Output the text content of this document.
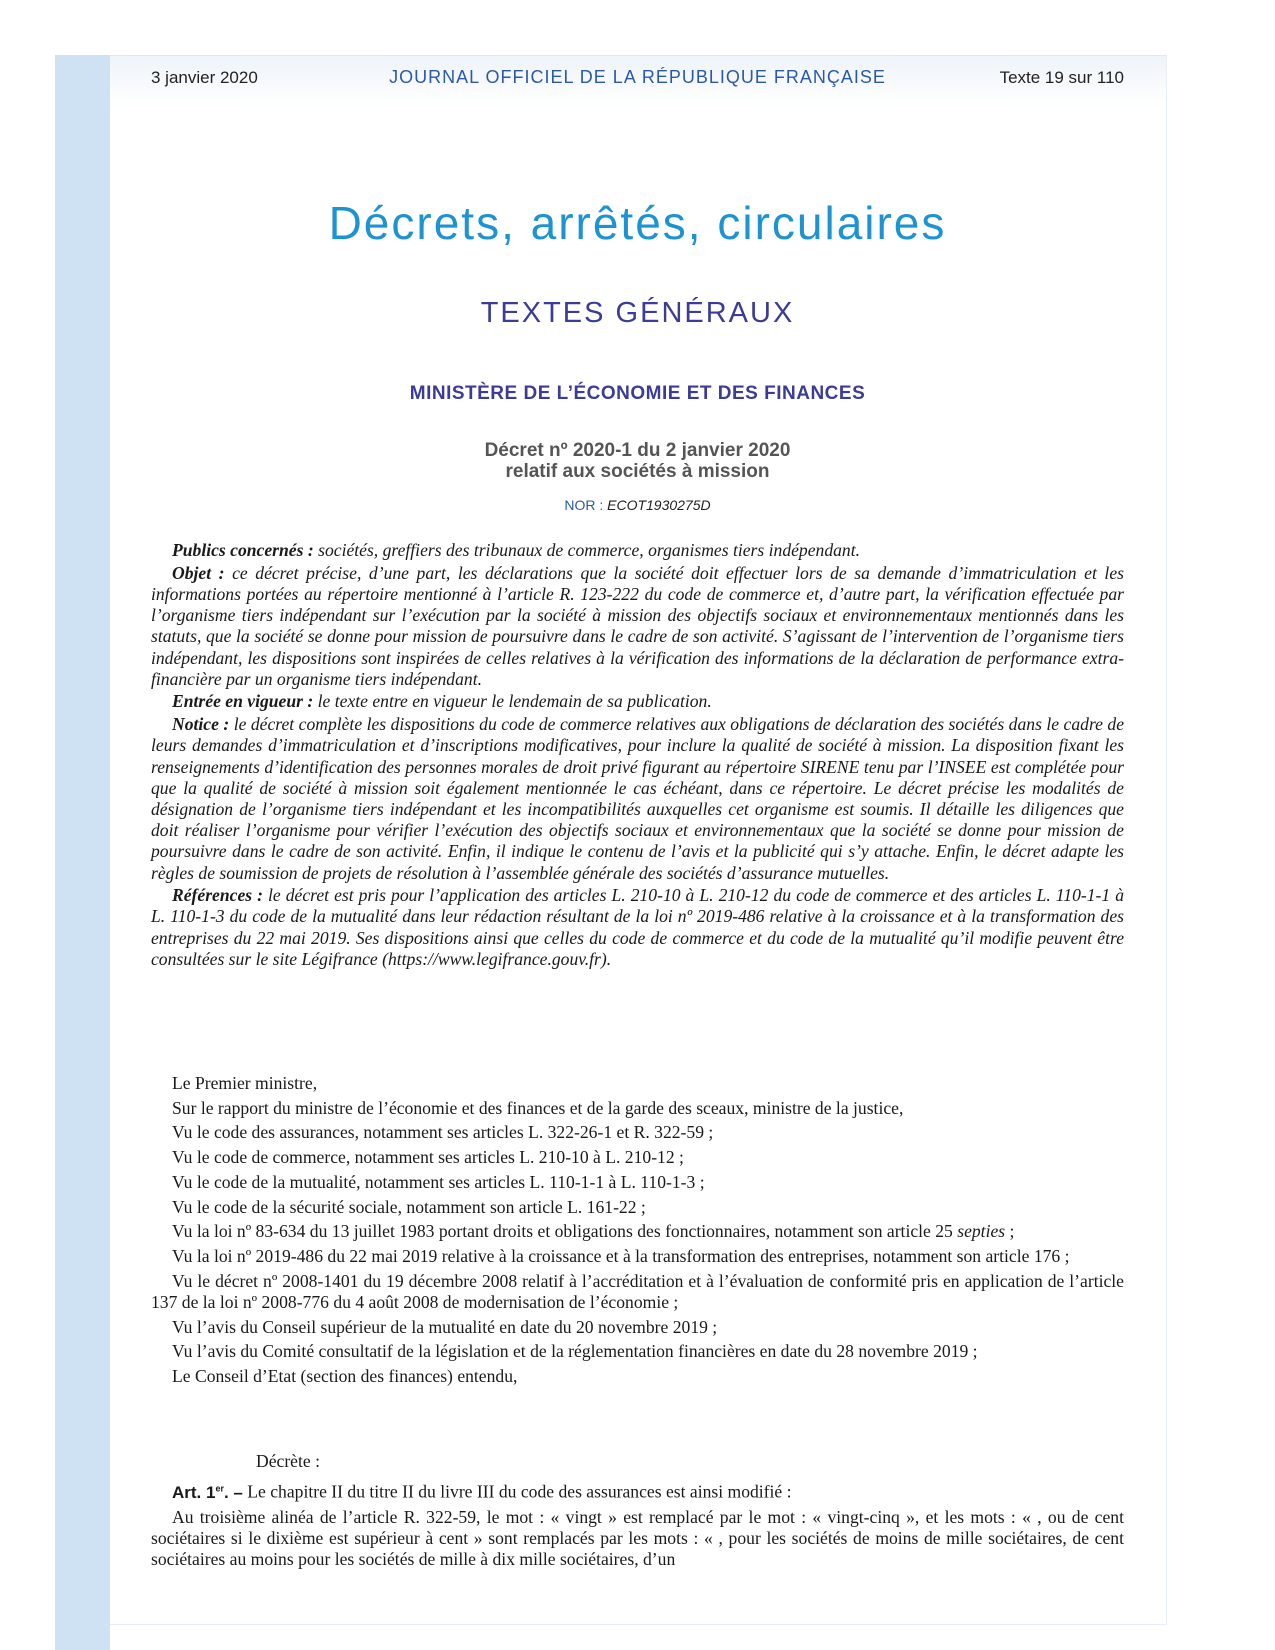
3 janvier 2020	JOURNAL OFFICIEL DE LA RÉPUBLIQUE FRANÇAISE	Texte 19 sur 110
Décrets, arrêtés, circulaires
TEXTES GÉNÉRAUX
MINISTÈRE DE L’ÉCONOMIE ET DES FINANCES
Décret nº 2020-1 du 2 janvier 2020
relatif aux sociétés à mission
NOR : ECOT1930275D

Publics concernés : sociétés, greffiers des tribunaux de commerce, organismes tiers indépendant.

Objet : ce décret précise, d’une part, les déclarations que la société doit effectuer lors de sa demande d’immatriculation et les informations portées au répertoire mentionné à l’article R. 123-222 du code de commerce et, d’autre part, la vérification effectuée par l’organisme tiers indépendant sur l’exécution par la société à mission des objectifs sociaux et environnementaux mentionnés dans les statuts, que la société se donne pour mission de poursuivre dans le cadre de son activité. S’agissant de l’intervention de l’organisme tiers indépendant, les dispositions sont inspirées de celles relatives à la vérification des informations de la déclaration de performance extra-financière par un organisme tiers indépendant.

Entrée en vigueur : le texte entre en vigueur le lendemain de sa publication.

Notice : le décret complète les dispositions du code de commerce relatives aux obligations de déclaration des sociétés dans le cadre de leurs demandes d’immatriculation et d’inscriptions modificatives, pour inclure la qualité de société à mission. La disposition fixant les renseignements d’identification des personnes morales de droit privé figurant au répertoire SIRENE tenu par l’INSEE est complétée pour que la qualité de société à mission soit également mentionnée le cas échéant, dans ce répertoire. Le décret précise les modalités de désignation de l’organisme tiers indépendant et les incompatibilités auxquelles cet organisme est soumis. Il détaille les diligences que doit réaliser l’organisme pour vérifier l’exécution des objectifs sociaux et environnementaux que la société se donne pour mission de poursuivre dans le cadre de son activité. Enfin, il indique le contenu de l’avis et la publicité qui s’y attache. Enfin, le décret adapte les règles de soumission de projets de résolution à l’assemblée générale des sociétés d’assurance mutuelles.

Références : le décret est pris pour l’application des articles L. 210-10 à L. 210-12 du code de commerce et des articles L. 110-1-1 à L. 110-1-3 du code de la mutualité dans leur rédaction résultant de la loi nº 2019-486 relative à la croissance et à la transformation des entreprises du 22 mai 2019. Ses dispositions ainsi que celles du code de commerce et du code de la mutualité qu’il modifie peuvent être consultées sur le site Légifrance (https://www.legifrance.gouv.fr).

Le Premier ministre,

Sur le rapport du ministre de l’économie et des finances et de la garde des sceaux, ministre de la justice,

Vu le code des assurances, notamment ses articles L. 322-26-1 et R. 322-59 ;

Vu le code de commerce, notamment ses articles L. 210-10 à L. 210-12 ;

Vu le code de la mutualité, notamment ses articles L. 110-1-1 à L. 110-1-3 ;

Vu le code de la sécurité sociale, notamment son article L. 161-22 ;

Vu la loi nº 83-634 du 13 juillet 1983 portant droits et obligations des fonctionnaires, notamment son article 25 septies ;

Vu la loi nº 2019-486 du 22 mai 2019 relative à la croissance et à la transformation des entreprises, notamment son article 176 ;

Vu le décret nº 2008-1401 du 19 décembre 2008 relatif à l’accréditation et à l’évaluation de conformité pris en application de l’article 137 de la loi nº 2008-776 du 4 août 2008 de modernisation de l’économie ;

Vu l’avis du Conseil supérieur de la mutualité en date du 20 novembre 2019 ;

Vu l’avis du Comité consultatif de la législation et de la réglementation financières en date du 28 novembre 2019 ;

Le Conseil d’Etat (section des finances) entendu,

Décrète :

Art. 1er. – Le chapitre II du titre II du livre III du code des assurances est ainsi modifié :

Au troisième alinéa de l’article R. 322-59, le mot : « vingt » est remplacé par le mot : « vingt-cinq », et les mots : « , ou de cent sociétaires si le dixième est supérieur à cent » sont remplacés par les mots : « , pour les sociétés de moins de mille sociétaires, de cent sociétaires au moins pour les sociétés de mille à dix mille sociétaires, d’un
